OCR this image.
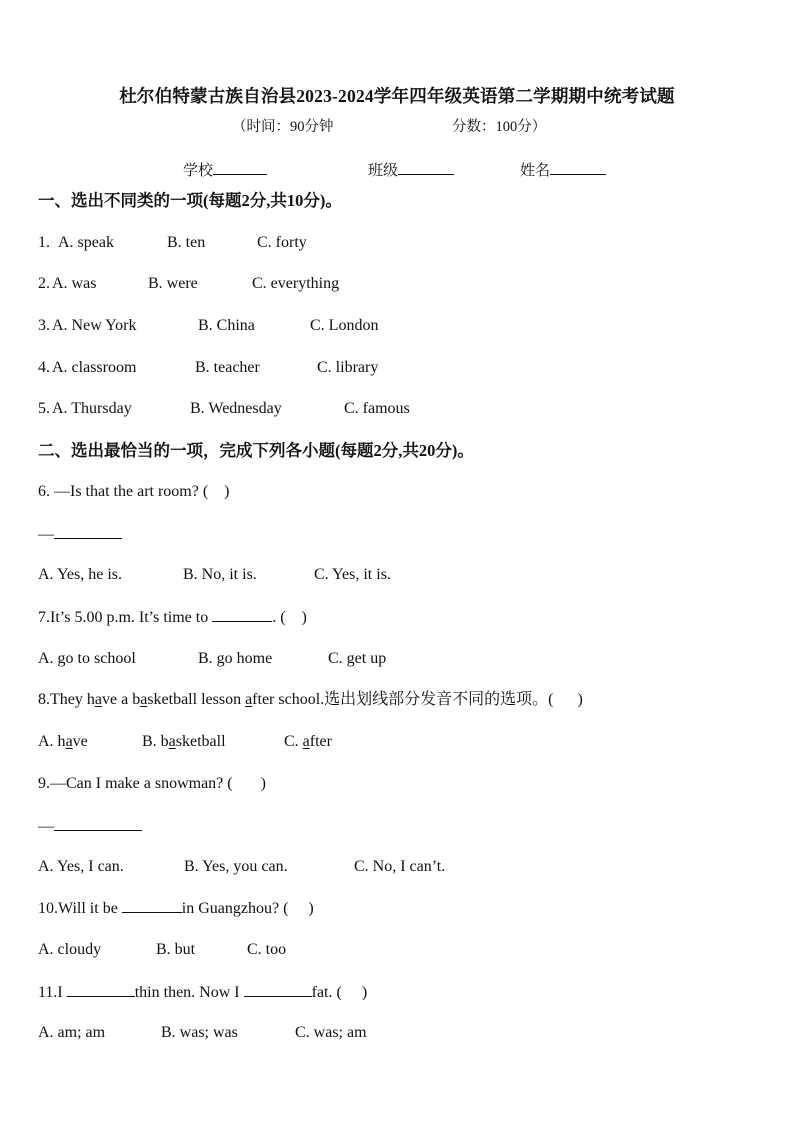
杜尔伯特蒙古族自治县2023-2024学年四年级英语第二学期期中统考试题
（时间：90分钟	分数：100分）
学校	班级	姓名
一、选出不同类的一项(每题2分,共10分)。
1. A. speak	B. ten	C. forty
2. A. was	B. were	C. everything
3. A. New York	B. China	C. London
4. A. classroom	B. teacher	C. library
5. A. Thursday	B. Wednesday	C. famous
二、选出最恰当的一项，完成下列各小题(每题2分,共20分)。
6. —Is that the art room? (    )
—
A. Yes, he is.	B. No, it is.	C. Yes, it is.
7.It’s 5.00 p.m. It’s time to	. (    )
A. go to school	B. go home	C. get up
8.They have a basketball lesson after school.选出划线部分发音不同的选项。(      )
A. have	B. basketball	C. after
9.—Can I make a snowman? (       )
—
A. Yes, I can.	B. Yes, you can.	C. No, I can’t.
10.Will it be	in Guangzhou? (     )
A. cloudy	B. but	C. too
11.I	thin then. Now I	fat. (     )
A. am; am	B. was; was	C. was; am
